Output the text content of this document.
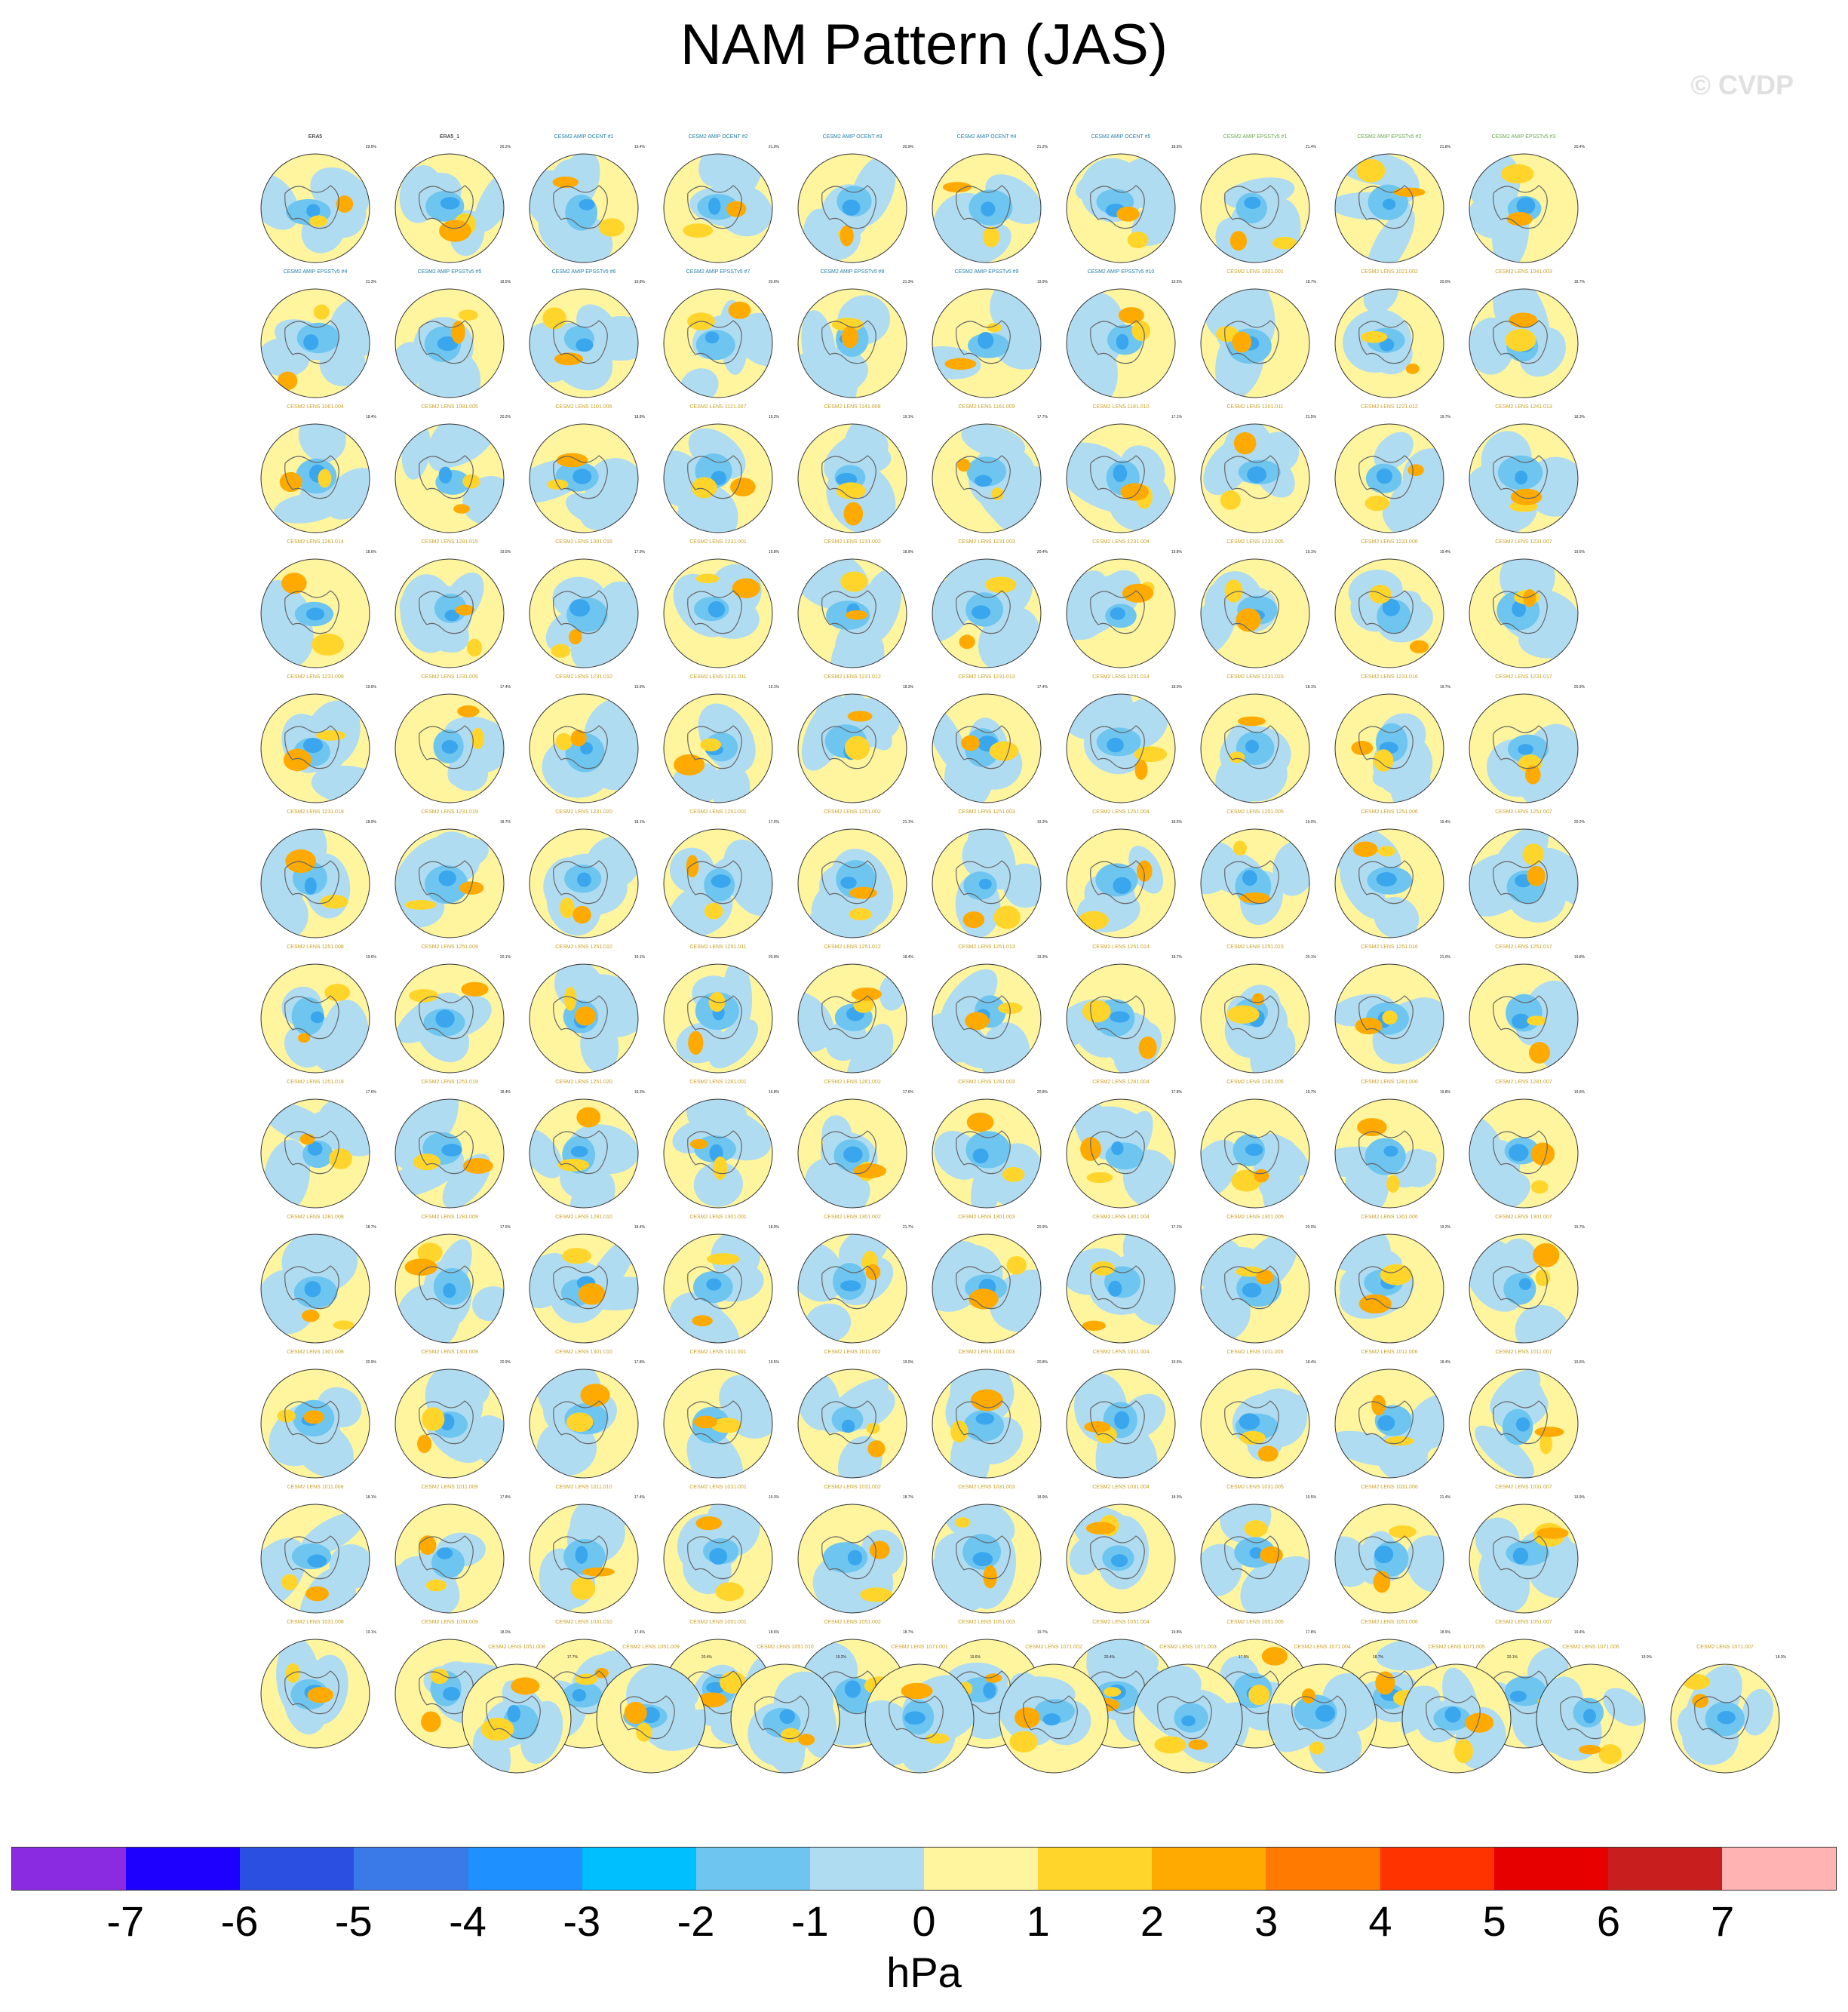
NAM Pattern (JAS)
© CVDP
ERA5
29.6%
ERA5_1
26.2%
CESM2 AMIP OCENT #1
19.4%
CESM2 AMIP OCENT #2
21.9%
CESM2 AMIP OCENT #3
20.9%
CESM2 AMIP OCENT #4
21.2%
CESM2 AMIP OCENT #5
18.6%
CESM2 AMIP EPSSTv5 #1
21.4%
CESM2 AMIP EPSSTv5 #2
21.8%
CESM2 AMIP EPSSTv5 #3
20.4%
CESM2 AMIP EPSSTv5 #4
21.3%
CESM2 AMIP EPSSTv5 #5
18.5%
CESM2 AMIP EPSSTv5 #6
19.8%
CESM2 AMIP EPSSTv5 #7
20.6%
CESM2 AMIP EPSSTv5 #8
21.3%
CESM2 AMIP EPSSTv5 #9
19.9%
CESM2 AMIP EPSSTv5 #10
19.5%
CESM2 LENS 1001.001
18.7%
CESM2 LENS 1021.002
20.0%
CESM2 LENS 1041.003
18.7%
CESM2 LENS 1061.004
18.4%
CESM2 LENS 1081.005
20.2%
CESM2 LENS 1101.006
18.8%
CESM2 LENS 1121.007
19.2%
CESM2 LENS 1141.008
19.1%
CESM2 LENS 1161.009
17.7%
CESM2 LENS 1181.010
17.1%
CESM2 LENS 1201.011
21.5%
CESM2 LENS 1221.012
19.7%
CESM2 LENS 1241.013
18.3%
CESM2 LENS 1261.014
18.6%
CESM2 LENS 1281.015
19.5%
CESM2 LENS 1301.016
17.9%
CESM2 LENS 1231.001
19.8%
CESM2 LENS 1231.002
18.9%
CESM2 LENS 1231.003
20.4%
CESM2 LENS 1231.004
19.8%
CESM2 LENS 1231.005
19.1%
CESM2 LENS 1231.006
19.4%
CESM2 LENS 1231.007
19.6%
CESM2 LENS 1231.008
19.6%
CESM2 LENS 1231.009
17.4%
CESM2 LENS 1231.010
19.9%
CESM2 LENS 1231.011
19.1%
CESM2 LENS 1231.012
18.3%
CESM2 LENS 1231.013
17.4%
CESM2 LENS 1231.014
18.0%
CESM2 LENS 1231.015
18.1%
CESM2 LENS 1231.016
19.7%
CESM2 LENS 1231.017
20.9%
CESM2 LENS 1231.018
18.0%
CESM2 LENS 1231.019
18.7%
CESM2 LENS 1231.020
18.1%
CESM2 LENS 1251.001
17.5%
CESM2 LENS 1251.002
21.1%
CESM2 LENS 1251.003
19.3%
CESM2 LENS 1251.004
18.6%
CESM2 LENS 1251.005
19.0%
CESM2 LENS 1251.006
19.4%
CESM2 LENS 1251.007
20.2%
CESM2 LENS 1251.008
19.6%
CESM2 LENS 1251.009
20.1%
CESM2 LENS 1251.010
19.1%
CESM2 LENS 1251.011
20.9%
CESM2 LENS 1251.012
18.4%
CESM2 LENS 1251.013
19.3%
CESM2 LENS 1251.014
18.7%
CESM2 LENS 1251.015
20.1%
CESM2 LENS 1251.016
21.0%
CESM2 LENS 1251.017
19.8%
CESM2 LENS 1251.018
17.6%
CESM2 LENS 1251.019
18.4%
CESM2 LENS 1251.020
19.3%
CESM2 LENS 1281.001
16.8%
CESM2 LENS 1281.002
17.6%
CESM2 LENS 1281.003
20.8%
CESM2 LENS 1281.004
17.8%
CESM2 LENS 1281.005
19.7%
CESM2 LENS 1281.006
19.8%
CESM2 LENS 1281.007
19.6%
CESM2 LENS 1281.008
18.7%
CESM2 LENS 1281.009
17.6%
CESM2 LENS 1281.010
18.4%
CESM2 LENS 1301.001
18.9%
CESM2 LENS 1301.002
21.7%
CESM2 LENS 1301.003
20.9%
CESM2 LENS 1301.004
17.1%
CESM2 LENS 1301.005
20.0%
CESM2 LENS 1301.006
19.2%
CESM2 LENS 1301.007
19.7%
CESM2 LENS 1301.008
20.9%
CESM2 LENS 1301.009
20.9%
CESM2 LENS 1301.010
17.8%
CESM2 LENS 1011.001
19.5%
CESM2 LENS 1011.002
19.0%
CESM2 LENS 1011.003
20.8%
CESM2 LENS 1011.004
19.6%
CESM2 LENS 1011.005
18.4%
CESM2 LENS 1011.006
18.4%
CESM2 LENS 1011.007
19.6%
CESM2 LENS 1011.008
18.1%
CESM2 LENS 1011.009
17.8%
CESM2 LENS 1011.010
17.4%
CESM2 LENS 1031.001
19.3%
CESM2 LENS 1031.002
18.7%
CESM2 LENS 1031.003
18.9%
CESM2 LENS 1031.004
18.3%
CESM2 LENS 1031.005
19.5%
CESM2 LENS 1031.006
21.4%
CESM2 LENS 1031.007
19.9%
CESM2 LENS 1031.008
19.1%
CESM2 LENS 1031.009
18.0%
CESM2 LENS 1031.010
17.4%
CESM2 LENS 1051.001
18.6%
CESM2 LENS 1051.002
18.7%
CESM2 LENS 1051.003
19.7%
CESM2 LENS 1051.004
19.8%
CESM2 LENS 1051.005
17.8%
CESM2 LENS 1051.006
18.9%
CESM2 LENS 1051.007
19.4%
CESM2 LENS 1051.008
17.7%
CESM2 LENS 1051.009
20.4%
CESM2 LENS 1051.010
19.2%
CESM2 LENS 1071.001
19.6%
CESM2 LENS 1071.002
20.4%
CESM2 LENS 1071.003
17.9%
CESM2 LENS 1071.004
18.7%
CESM2 LENS 1071.005
20.1%
CESM2 LENS 1071.006
19.0%
CESM2 LENS 1071.007
18.3%
-7 -6 -5 -4 -3 -2 -1 0 1 2 3 4 5 6 7
hPa
